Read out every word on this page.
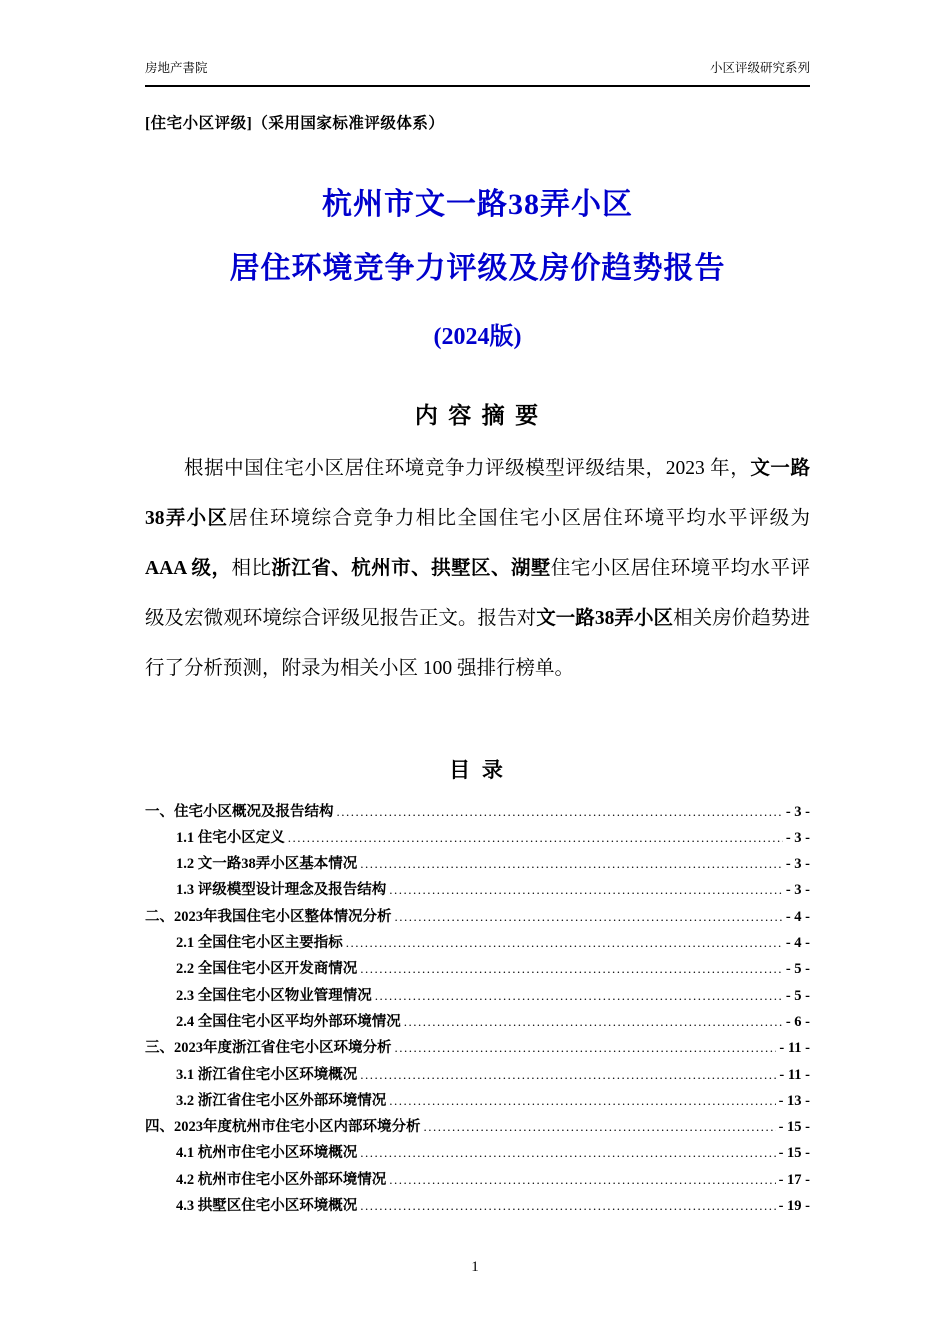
房地产書院	小区评级研究系列
[住宅小区评级]（采用国家标准评级体系）
杭州市文一路38弄小区
居住环境竞争力评级及房价趋势报告
(2024版)
内 容 摘 要

根据中国住宅小区居住环境竞争力评级模型评级结果，2023 年，文一路38弄小区居住环境综合竞争力相比全国住宅小区居住环境平均水平评级为 AAA 级，相比浙江省、杭州市、拱墅区、湖墅住宅小区居住环境平均水平评级及宏微观环境综合评级见报告正文。报告对文一路38弄小区相关房价趋势进行了分析预测，附录为相关小区 100 强排行榜单。

目 录
一、住宅小区概况及报告结构 .....	- 3 -
1.1 住宅小区定义 .....	- 3 -
1.2 文一路38弄小区基本情况 .....	- 3 -
1.3 评级模型设计理念及报告结构 .....	- 3 -
二、2023年我国住宅小区整体情况分析 .....	- 4 -
2.1 全国住宅小区主要指标 .....	- 4 -
2.2 全国住宅小区开发商情况 .....	- 5 -
2.3 全国住宅小区物业管理情况 .....	- 5 -
2.4 全国住宅小区平均外部环境情况 .....	- 6 -
三、2023年度浙江省住宅小区环境分析 .....	- 11 -
3.1 浙江省住宅小区环境概况 .....	- 11 -
3.2 浙江省住宅小区外部环境情况 .....	- 13 -
四、2023年度杭州市住宅小区内部环境分析 .....	- 15 -
4.1 杭州市住宅小区环境概况 .....	- 15 -
4.2 杭州市住宅小区外部环境情况 .....	- 17 -
4.3 拱墅区住宅小区环境概况 .....	- 19 -
1
